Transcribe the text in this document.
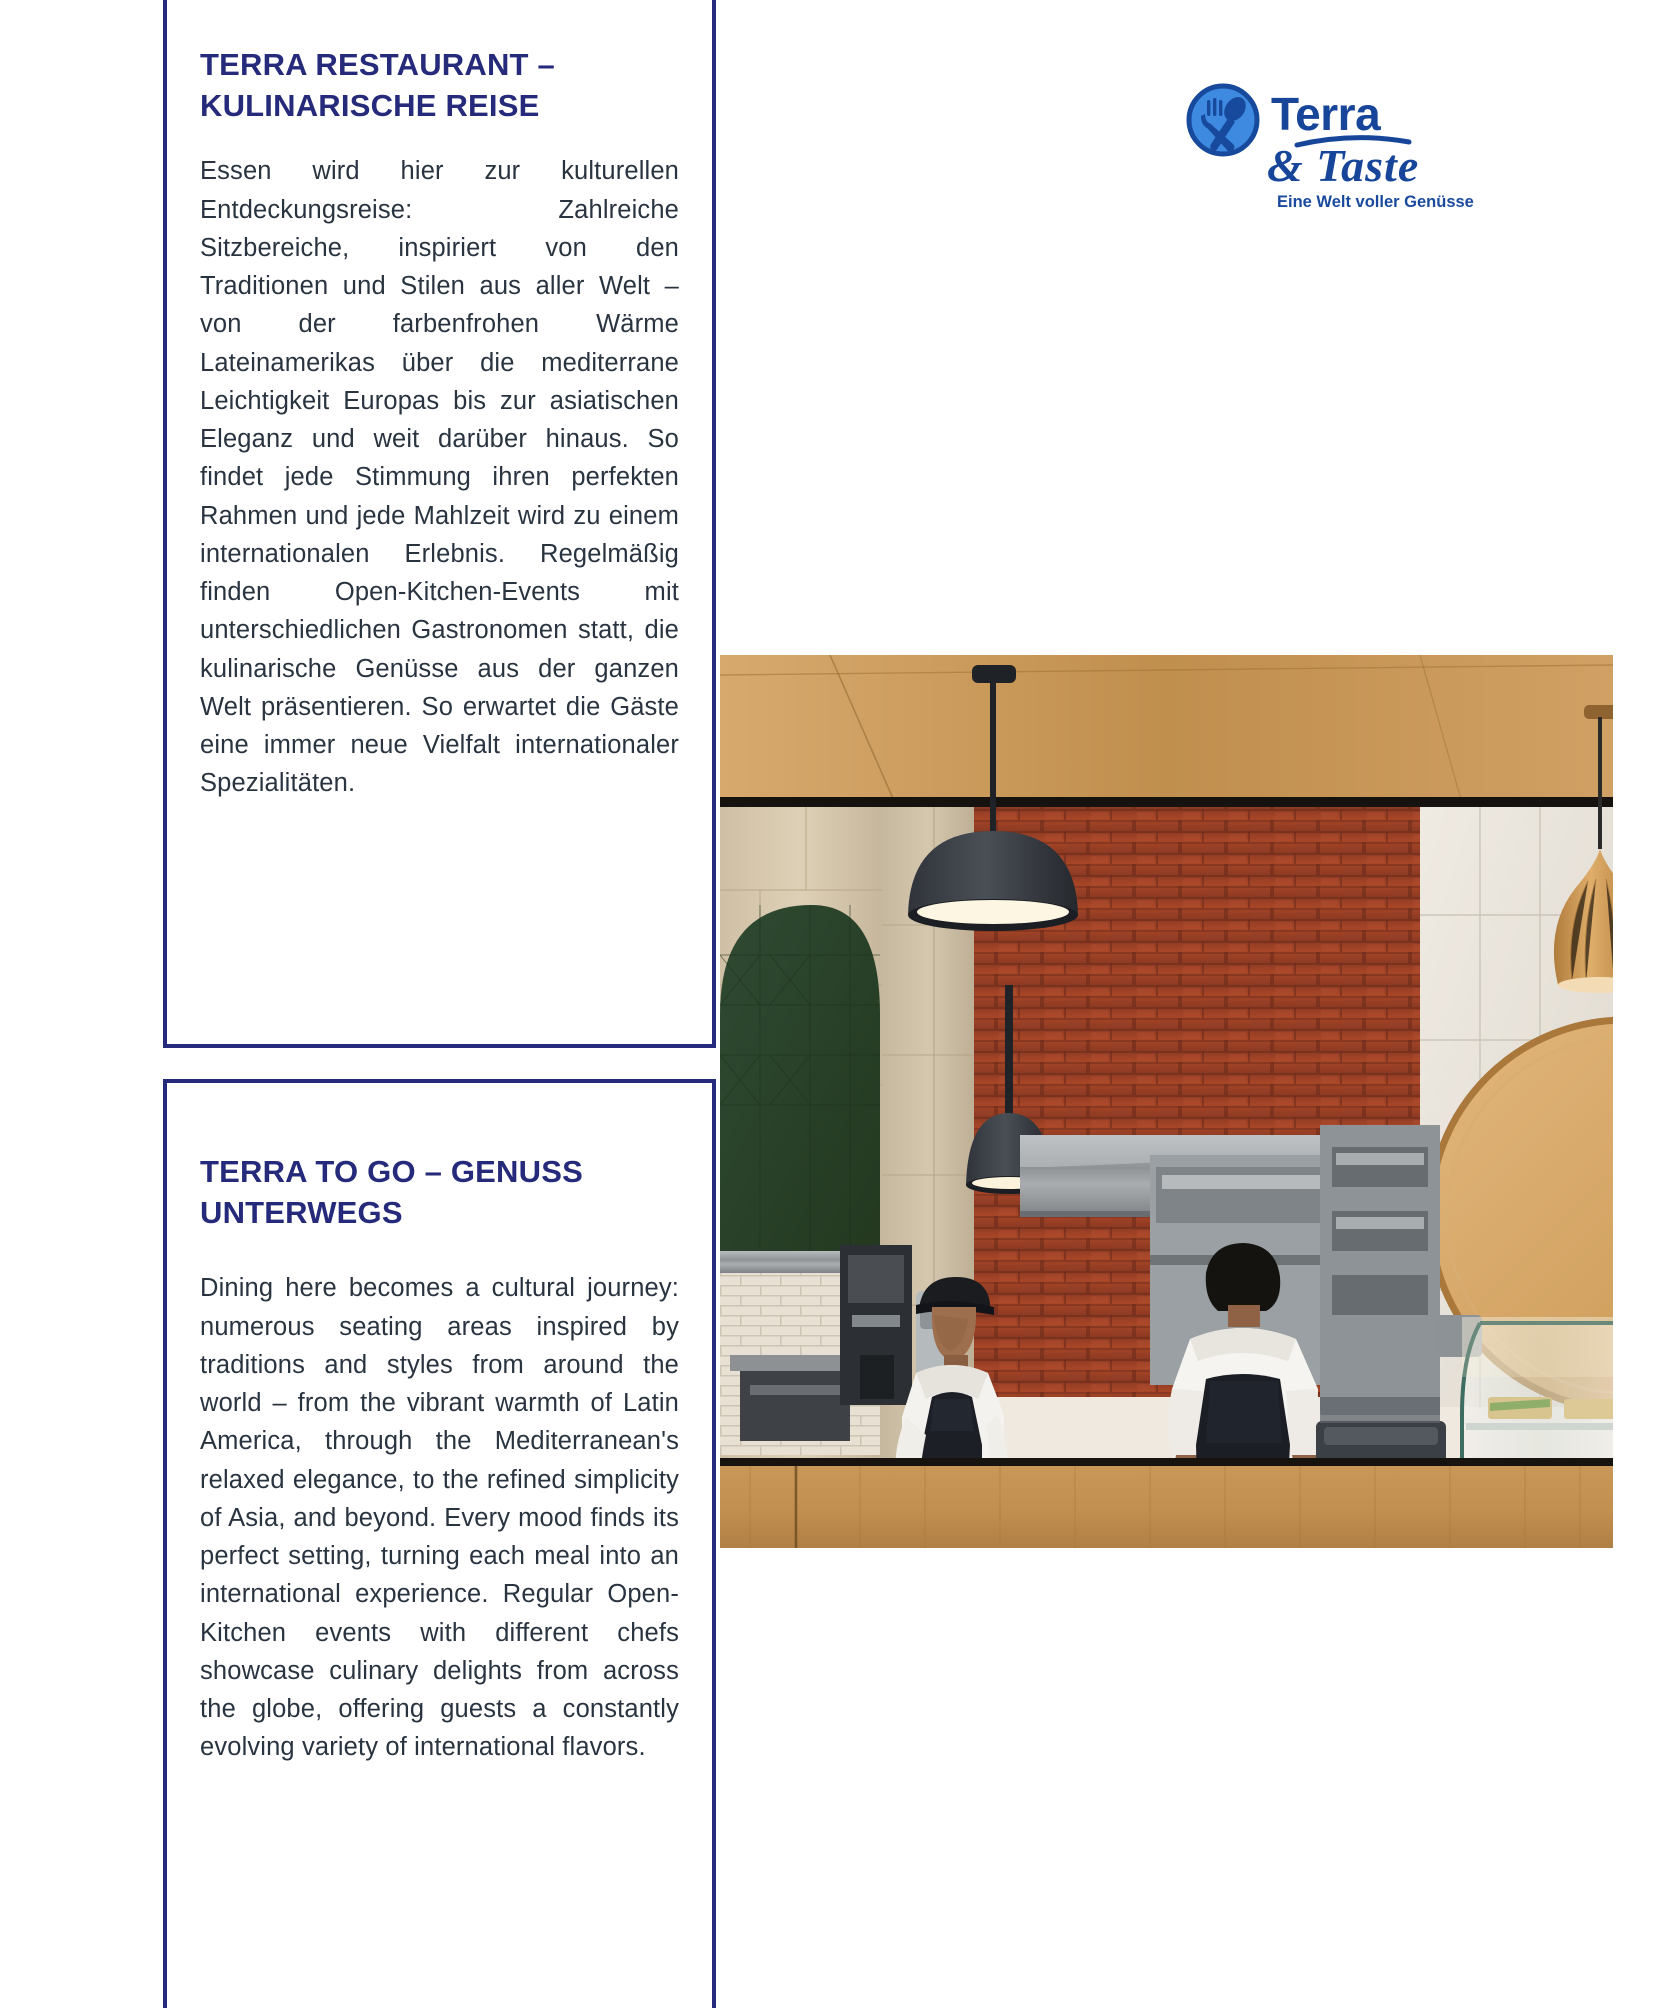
Terra
& Taste
Eine Welt voller Genüsse
TERRA RESTAURANT – KULINARISCHE REISE

Essen wird hier zur kulturellen Entdeckungsreise: Zahlreiche Sitzbereiche, inspiriert von den Traditionen und Stilen aus aller Welt – von der farbenfrohen Wärme Lateinamerikas über die mediterrane Leichtigkeit Europas bis zur asiatischen Eleganz und weit darüber hinaus. So findet jede Stimmung ihren perfekten Rahmen und jede Mahlzeit wird zu einem internationalen Erlebnis. Regelmäßig finden Open-Kitchen-Events mit unterschiedlichen Gastronomen statt, die kulinarische Genüsse aus der ganzen Welt präsentieren. So erwartet die Gäste eine immer neue Vielfalt internationaler Spezialitäten.

TERRA TO GO – GENUSS UNTERWEGS

Dining here becomes a cultural journey: numerous seating areas inspired by traditions and styles from around the world – from the vibrant warmth of Latin America, through the Mediterranean's relaxed elegance, to the refined simplicity of Asia, and beyond. Every mood finds its perfect setting, turning each meal into an international experience. Regular Open-Kitchen events with different chefs showcase culinary delights from across the globe, offering guests a constantly evolving variety of international flavors.
